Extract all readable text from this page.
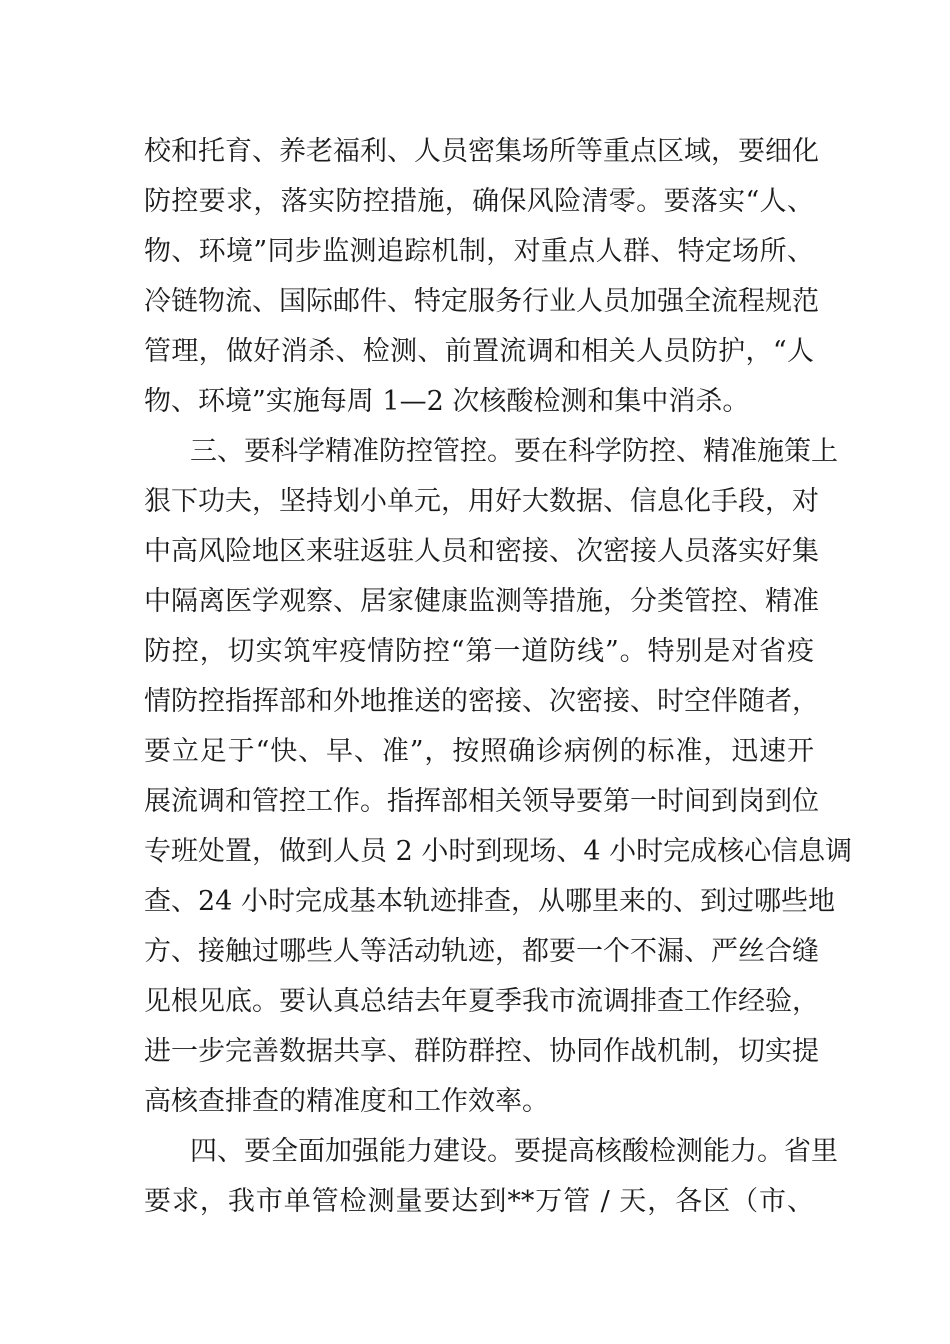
校和托育、养老福利、人员密集场所等重点区域，要细化
防控要求，落实防控措施，确保风险清零。要落实“人、
物、环境”同步监测追踪机制，对重点人群、特定场所、
冷链物流、国际邮件、特定服务行业人员加强全流程规范
管理，做好消杀、检测、前置流调和相关人员防护，“人
物、环境”实施每周 1—2 次核酸检测和集中消杀。
三、要科学精准防控管控。要在科学防控、精准施策上
狠下功夫，坚持划小单元，用好大数据、信息化手段，对
中高风险地区来驻返驻人员和密接、次密接人员落实好集
中隔离医学观察、居家健康监测等措施，分类管控、精准
防控，切实筑牢疫情防控“第一道防线”。特别是对省疫
情防控指挥部和外地推送的密接、次密接、时空伴随者，
要立足于“快、早、准”，按照确诊病例的标准，迅速开
展流调和管控工作。指挥部相关领导要第一时间到岗到位
专班处置，做到人员 2 小时到现场、4 小时完成核心信息调
查、24 小时完成基本轨迹排查，从哪里来的、到过哪些地
方、接触过哪些人等活动轨迹，都要一个不漏、严丝合缝
见根见底。要认真总结去年夏季我市流调排查工作经验，
进一步完善数据共享、群防群控、协同作战机制，切实提
高核查排查的精准度和工作效率。
四、要全面加强能力建设。要提高核酸检测能力。省里
要求，我市单管检测量要达到**万管 / 天，各区（市、
